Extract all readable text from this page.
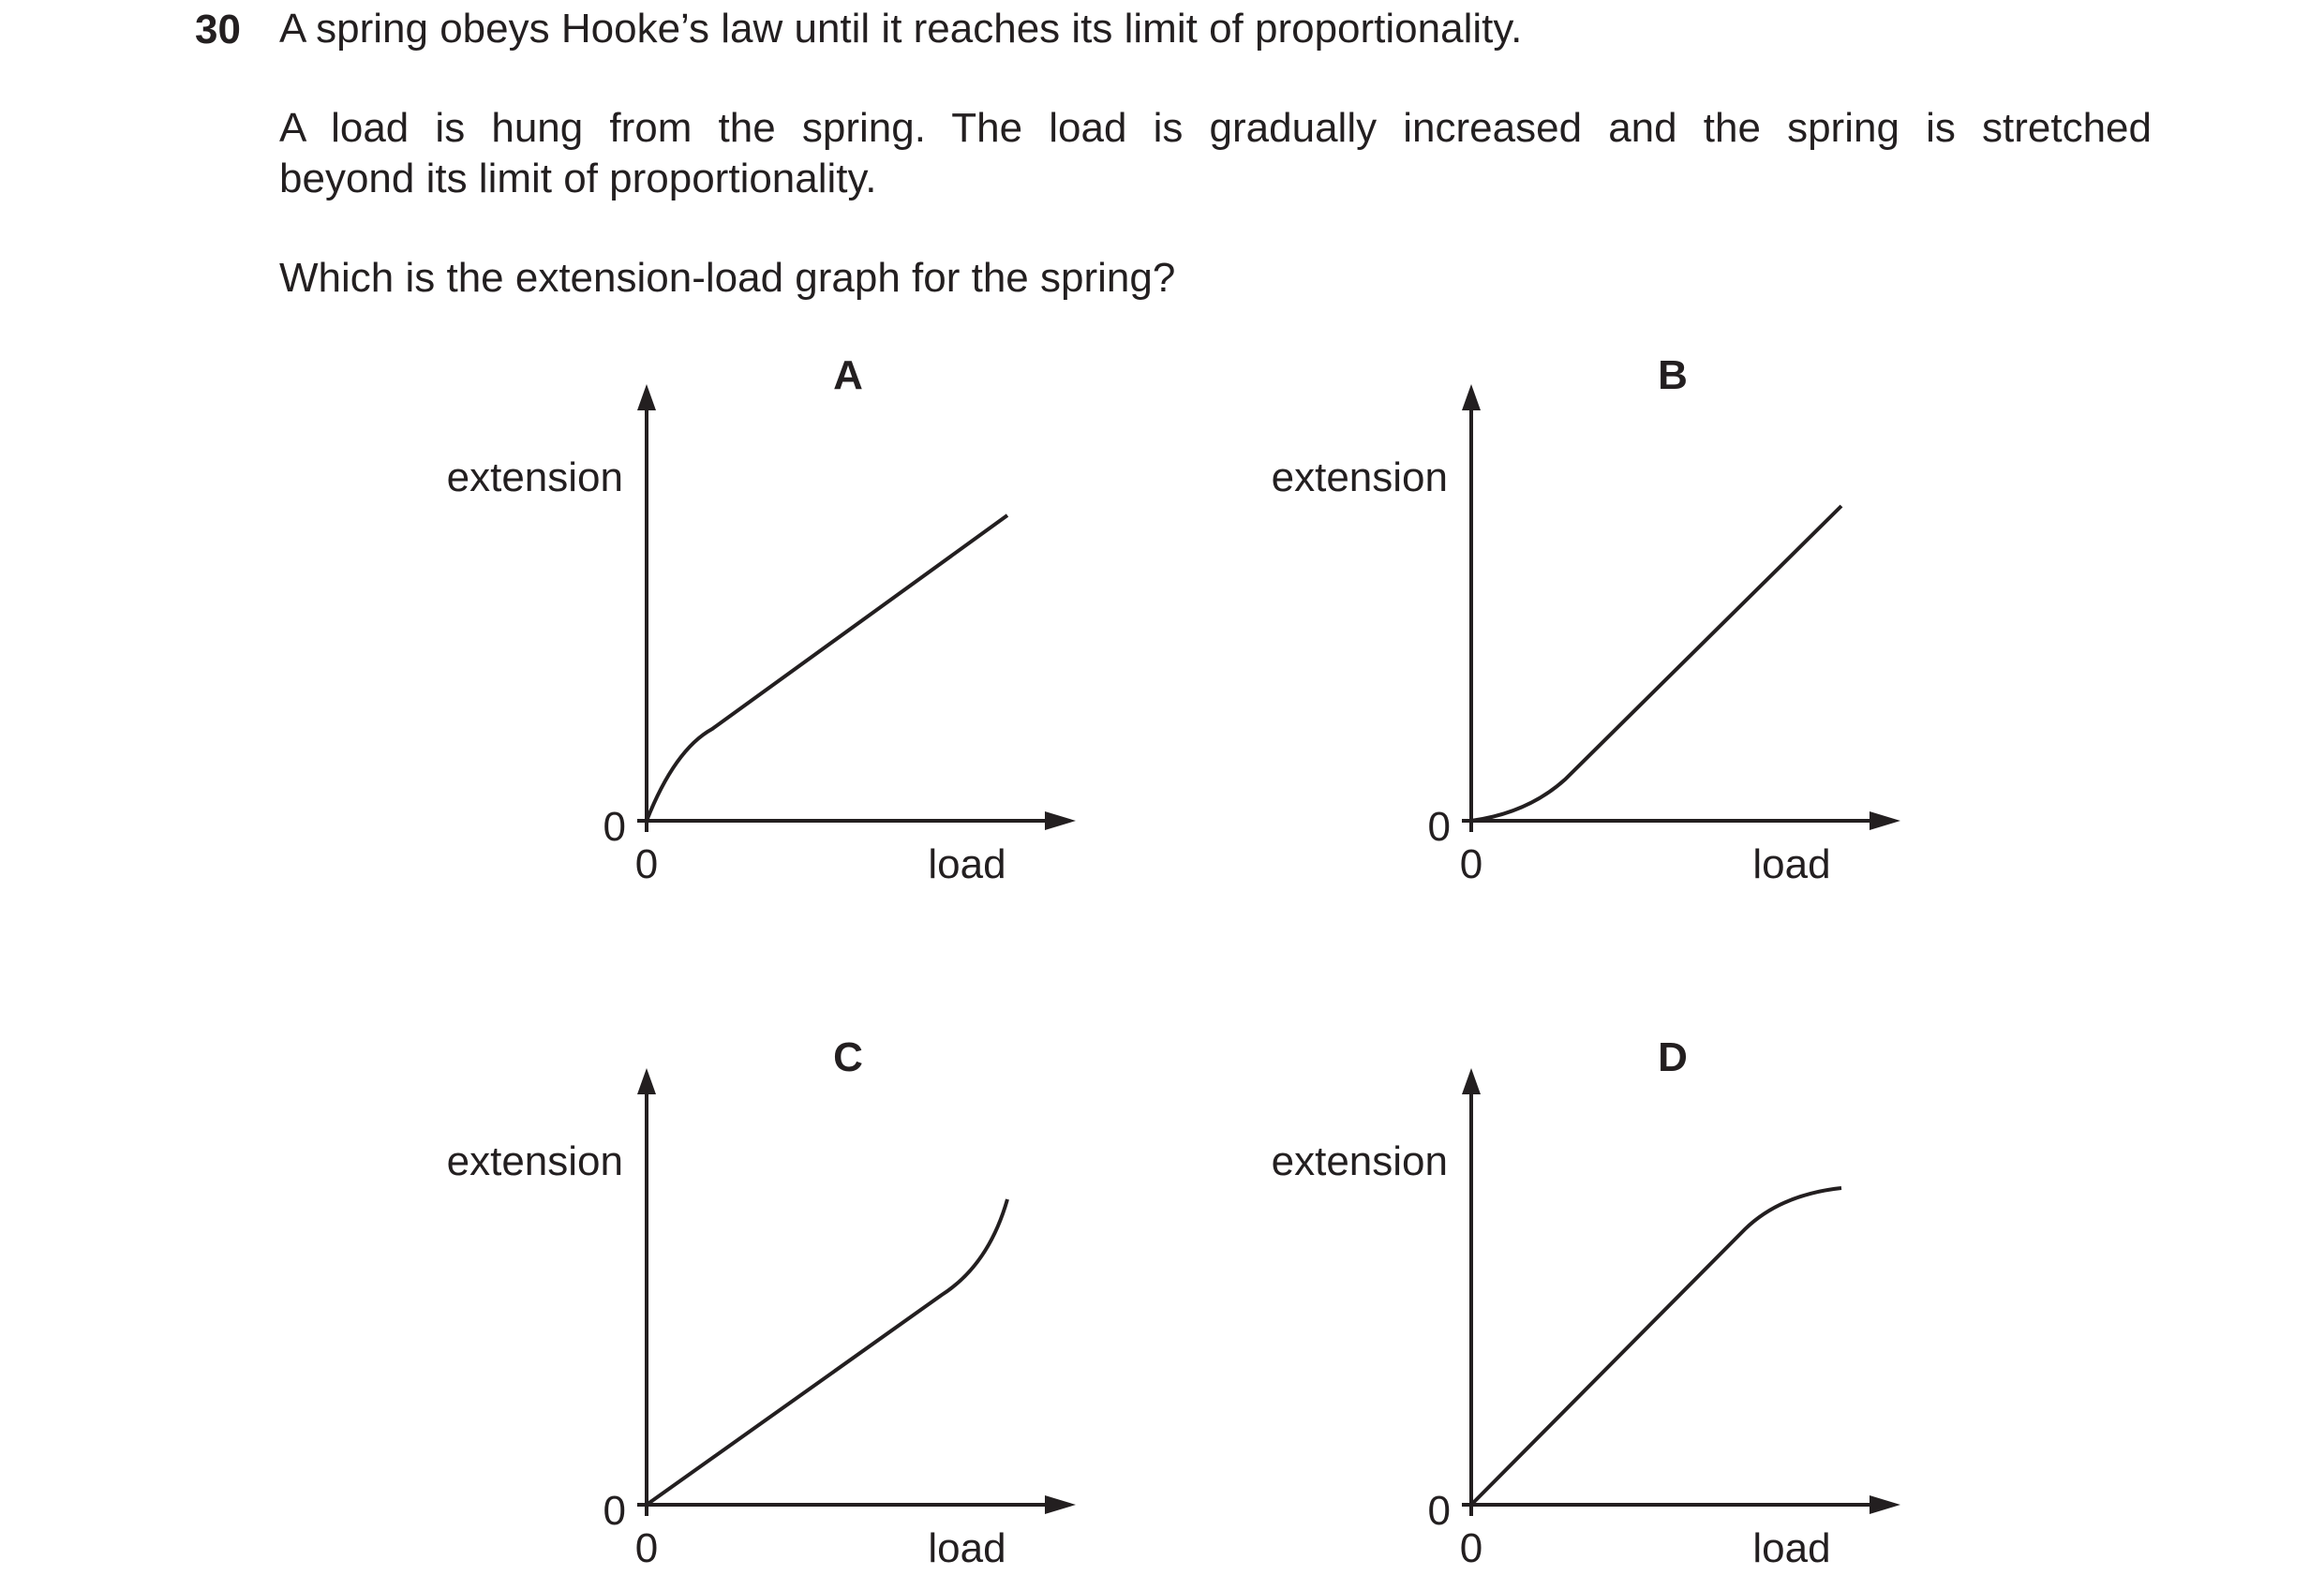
30 A spring obeys Hooke’s law until it reaches its limit of proportionality.
A load is hung from the spring. The load is gradually increased and the spring is stretched
beyond its limit of proportionality.
Which is the extension-load graph for the spring?
A
extension
load
0
0
B
extension
load
0
0
C
extension
load
0
0
D
extension
load
0
0
